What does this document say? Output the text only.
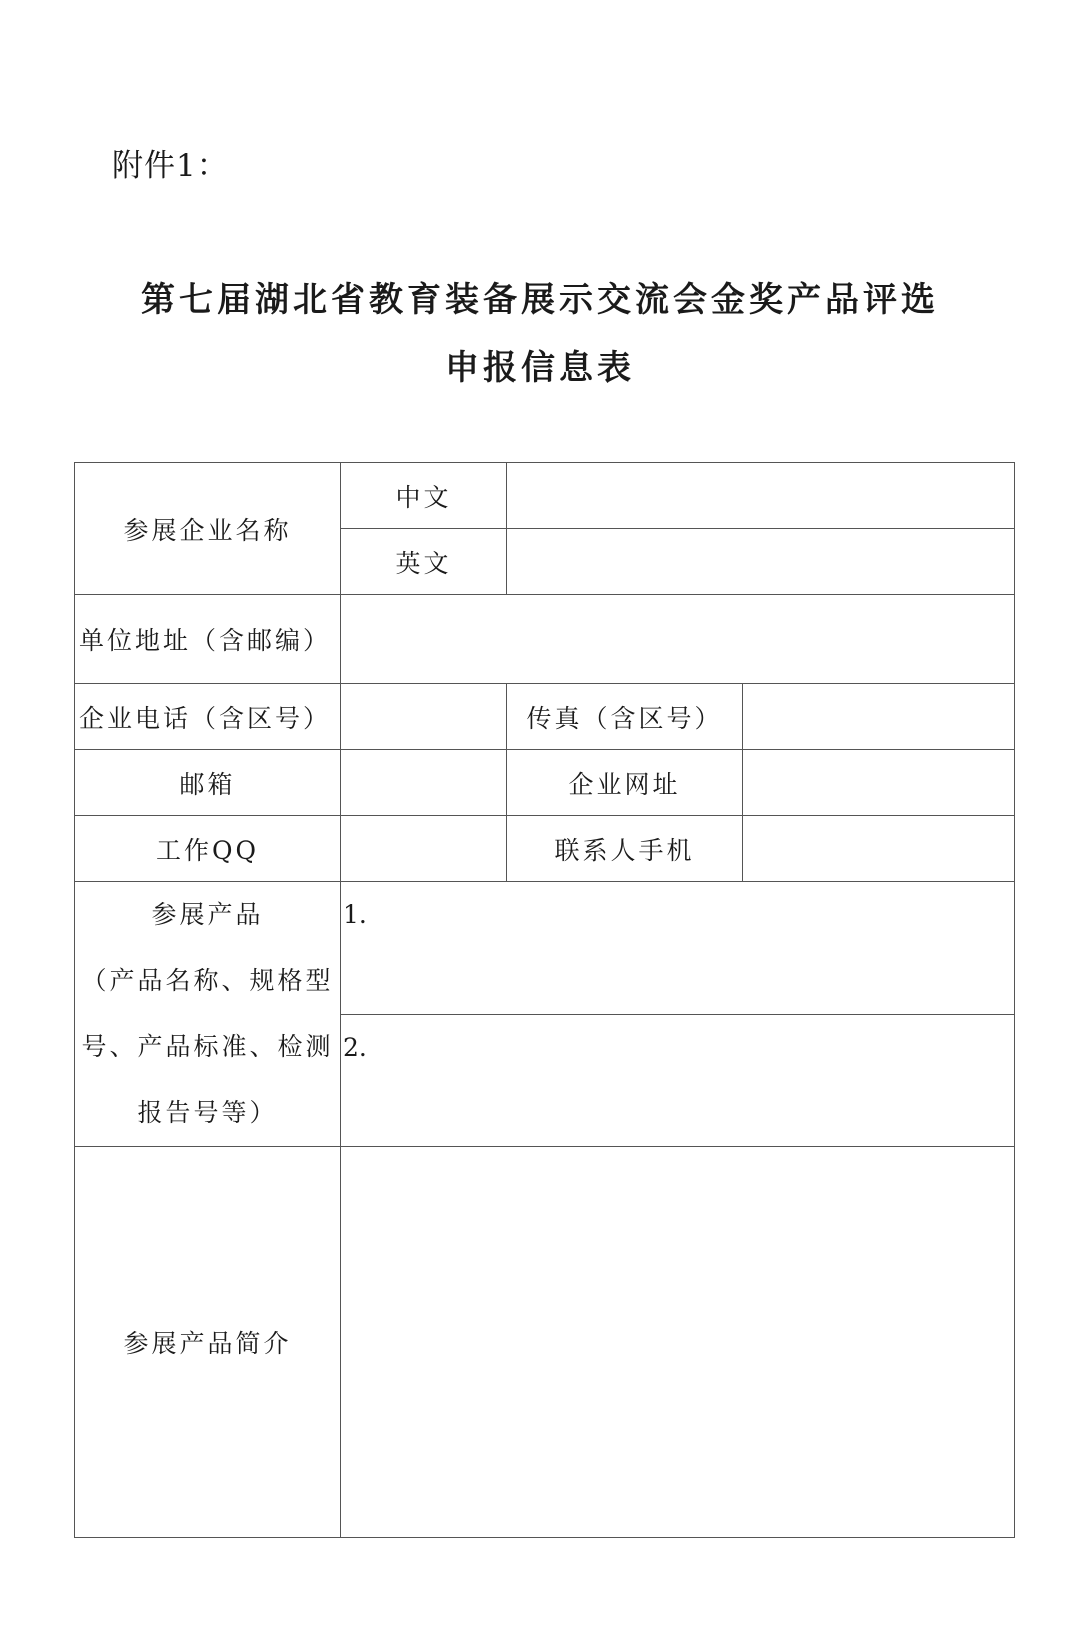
附件1：
第七届湖北省教育装备展示交流会金奖产品评选
申报信息表
参展企业名称	中文		
	英文		
单位地址（含邮编）			
企业电话（含区号）		传真（含区号）	
邮箱		企业网址	
工作QQ		联系人手机	

参展产品
（产品名称、规格型
号、产品标准、检测
报告号等）	1.		

	2.		

参展产品简介			
